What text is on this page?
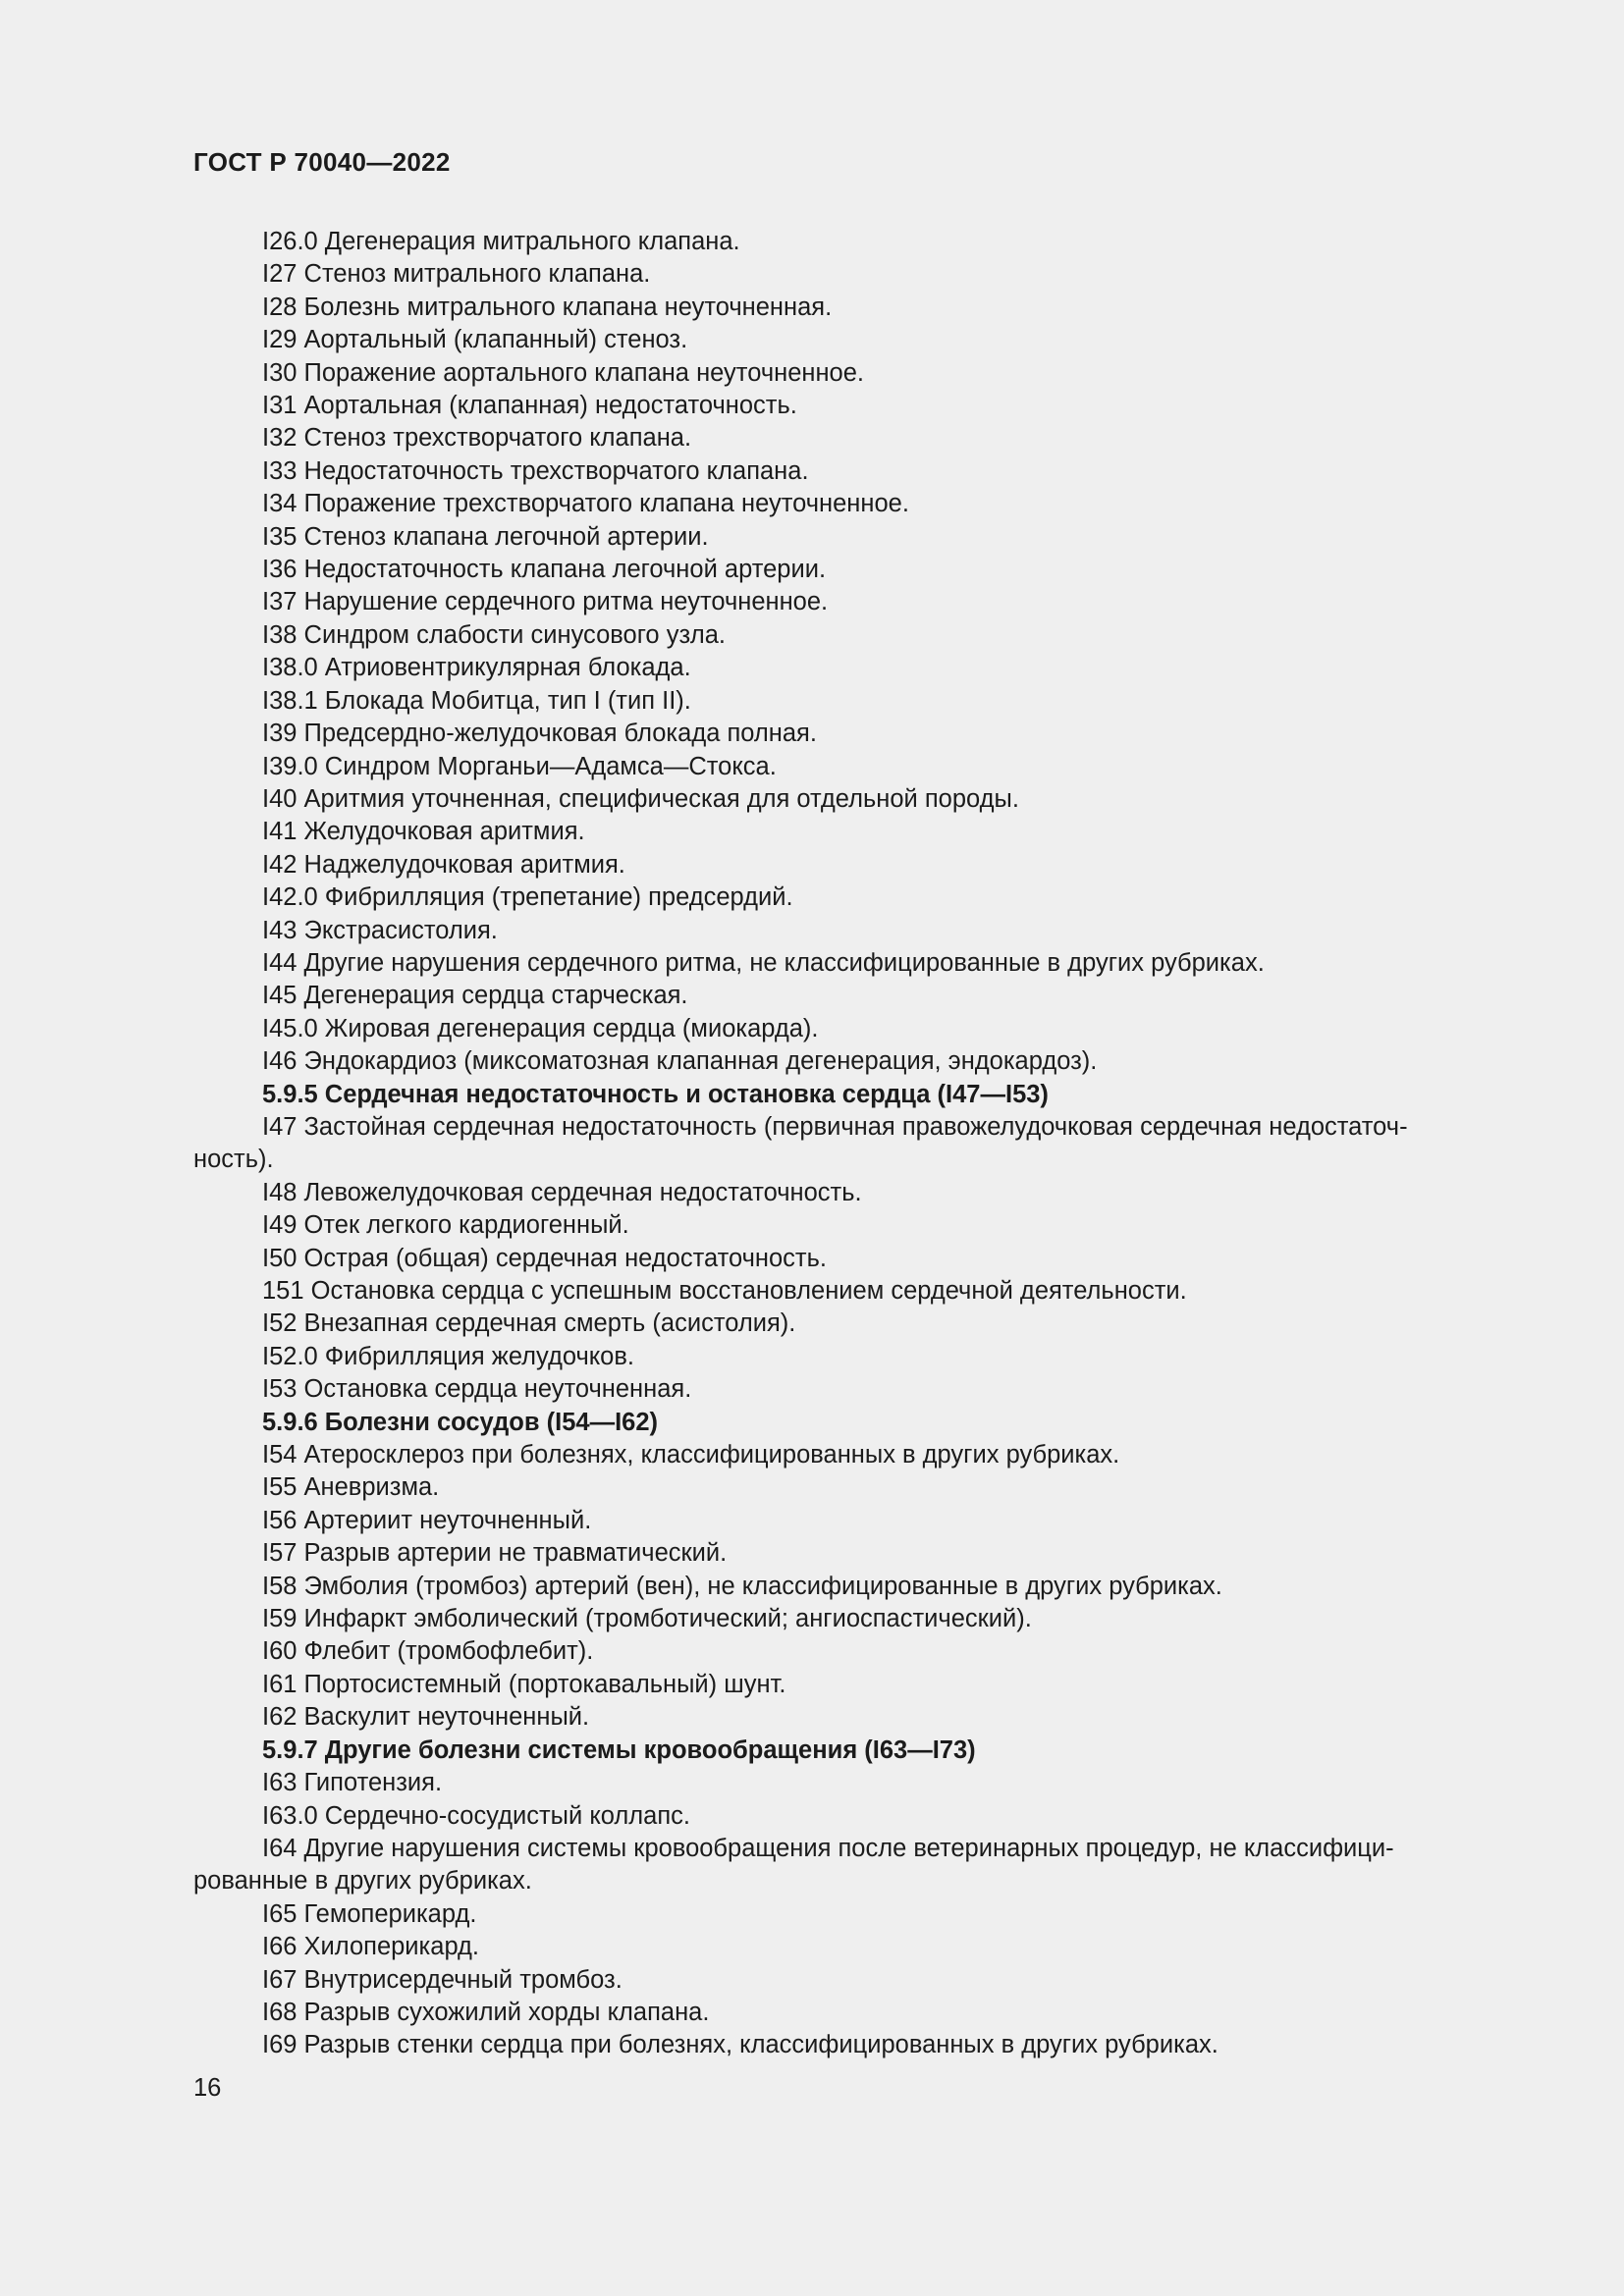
ГОСТ Р 70040—2022
I26.0 Дегенерация митрального клапана.
I27 Стеноз митрального клапана.
I28 Болезнь митрального клапана неуточненная.
I29 Аортальный (клапанный) стеноз.
I30 Поражение аортального клапана неуточненное.
I31 Аортальная (клапанная) недостаточность.
I32 Стеноз трехстворчатого клапана.
I33 Недостаточность трехстворчатого клапана.
I34 Поражение трехстворчатого клапана неуточненное.
I35 Стеноз клапана легочной артерии.
I36 Недостаточность клапана легочной артерии.
I37 Нарушение сердечного ритма неуточненное.
I38 Синдром слабости синусового узла.
I38.0 Атриовентрикулярная блокада.
I38.1 Блокада Мобитца, тип I (тип II).
I39 Предсердно-желудочковая блокада полная.
I39.0 Синдром Морганьи—Адамса—Стокса.
I40 Аритмия уточненная, специфическая для отдельной породы.
I41 Желудочковая аритмия.
I42 Наджелудочковая аритмия.
I42.0 Фибрилляция (трепетание) предсердий.
I43 Экстрасистолия.
I44 Другие нарушения сердечного ритма, не классифицированные в других рубриках.
I45 Дегенерация сердца старческая.
I45.0 Жировая дегенерация сердца (миокарда).
I46 Эндокардиоз (миксоматозная клапанная дегенерация, эндокардоз).
5.9.5 Сердечная недостаточность и остановка сердца (I47—I53)
I47 Застойная сердечная недостаточность (первичная правожелудочковая сердечная недостаточ-
ность).
I48 Левожелудочковая сердечная недостаточность.
I49 Отек легкого кардиогенный.
I50 Острая (общая) сердечная недостаточность.
151 Остановка сердца с успешным восстановлением сердечной деятельности.
I52 Внезапная сердечная смерть (асистолия).
I52.0 Фибрилляция желудочков.
I53 Остановка сердца неуточненная.
5.9.6 Болезни сосудов (I54—I62)
I54 Атеросклероз при болезнях, классифицированных в других рубриках.
I55 Аневризма.
I56 Артериит неуточненный.
I57 Разрыв артерии не травматический.
I58 Эмболия (тромбоз) артерий (вен), не классифицированные в других рубриках.
I59 Инфаркт эмболический (тромботический; ангиоспастический).
I60 Флебит (тромбофлебит).
I61 Портосистемный (портокавальный) шунт.
I62 Васкулит неуточненный.
5.9.7 Другие болезни системы кровообращения (I63—I73)
I63 Гипотензия.
I63.0 Сердечно-сосудистый коллапс.
I64 Другие нарушения системы кровообращения после ветеринарных процедур, не классифици-
рованные в других рубриках.
I65 Гемоперикард.
I66 Хилоперикард.
I67 Внутрисердечный тромбоз.
I68 Разрыв сухожилий хорды клапана.
I69 Разрыв стенки сердца при болезнях, классифицированных в других рубриках.
16
